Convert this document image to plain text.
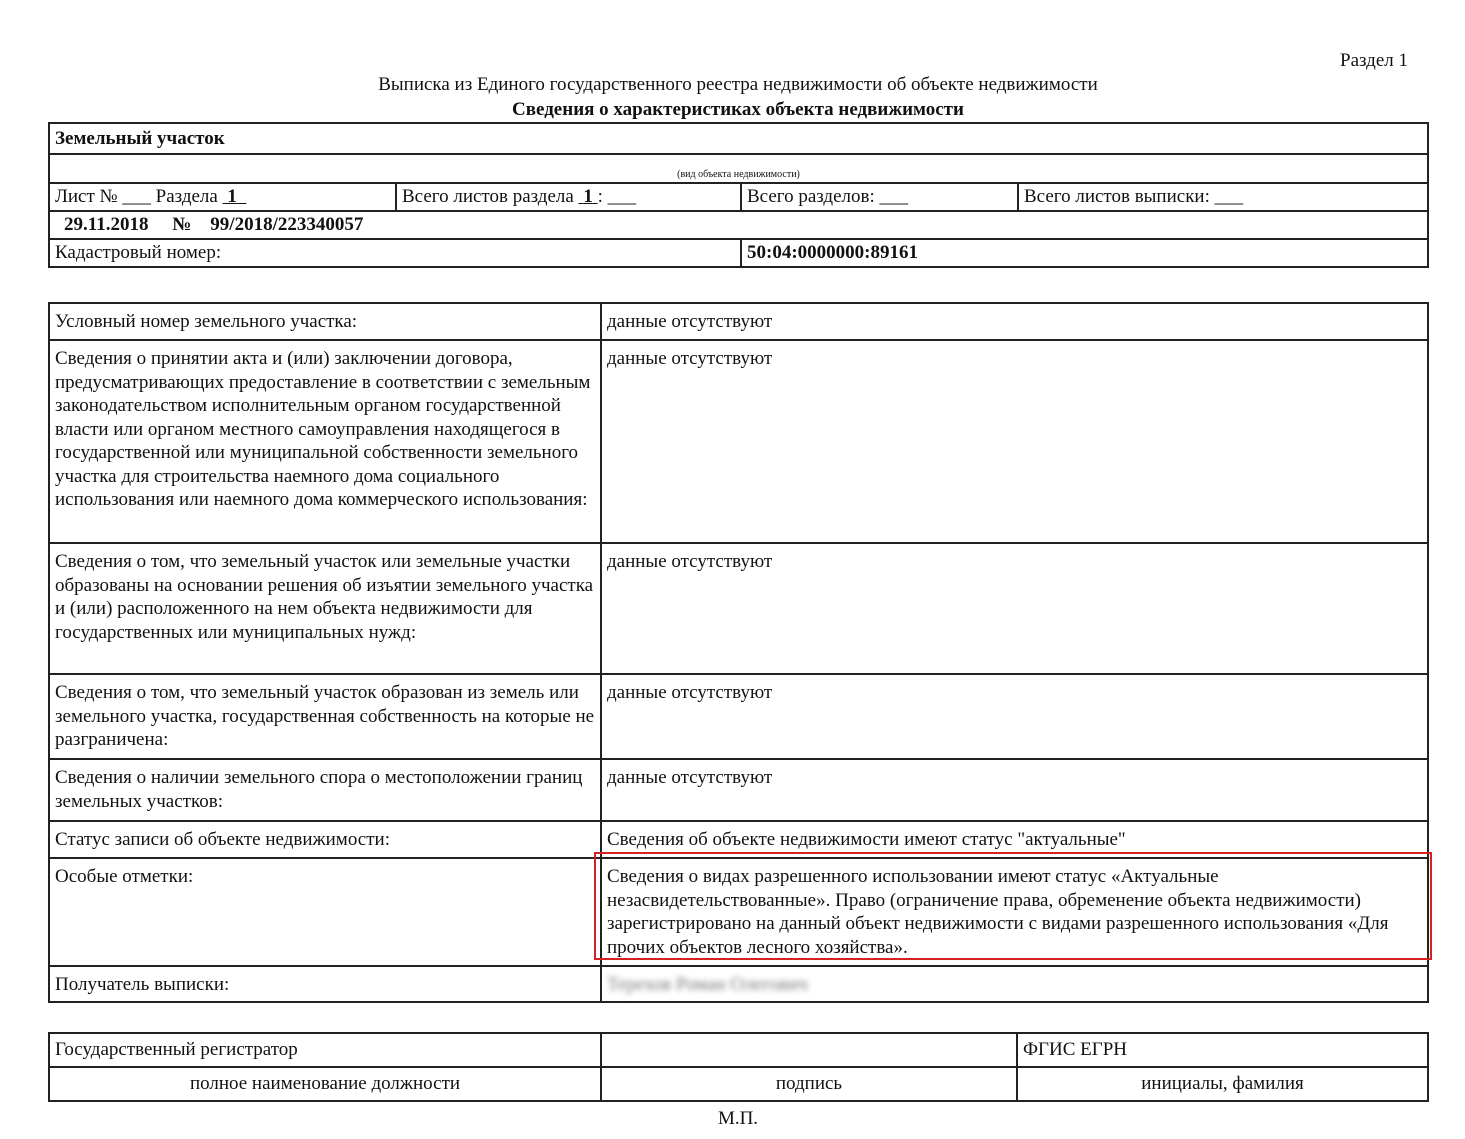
Раздел 1
Выписка из Единого государственного реестра недвижимости об объекте недвижимости
Сведения о характеристиках объекта недвижимости
Земельный участок			
(вид объекта недвижимости)			
Лист № ___ Раздела 1	Всего листов раздела 1 : ___	Всего разделов: ___	Всего листов выписки: ___
29.11.2018 № 99/2018/223340057			
Кадастровый номер:		50:04:0000000:89161	
Условный номер земельного участка:	данные отсутствуют
Сведения о принятии акта и (или) заключении договора, предусматривающих предоставление в соответствии с земельным законодательством исполнительным органом государственной власти или органом местного самоуправления находящегося в государственной или муниципальной собственности земельного участка для строительства наемного дома социального использования или наемного дома коммерческого использования:	данные отсутствуют
Сведения о том, что земельный участок или земельные участки образованы на основании решения об изъятии земельного участка и (или) расположенного на нем объекта недвижимости для государственных или муниципальных нужд:	данные отсутствуют
Сведения о том, что земельный участок образован из земель или земельного участка, государственная собственность на которые не разграничена:	данные отсутствуют
Сведения о наличии земельного спора о местоположении границ земельных участков:	данные отсутствуют
Статус записи об объекте недвижимости:	Сведения об объекте недвижимости имеют статус "актуальные"
Особые отметки:	Сведения о видах разрешенного использовании имеют статус «Актуальные незасвидетельствованные». Право (ограничение права, обременение объекта недвижимости) зарегистрировано на данный объект недвижимости с видами разрешенного использования «Для прочих объектов лесного хозяйства».
Получатель выписки:	Терехов Роман Олегович
Государственный регистратор		ФГИС ЕГРН
полное наименование должности	подпись	инициалы, фамилия
М.П.
